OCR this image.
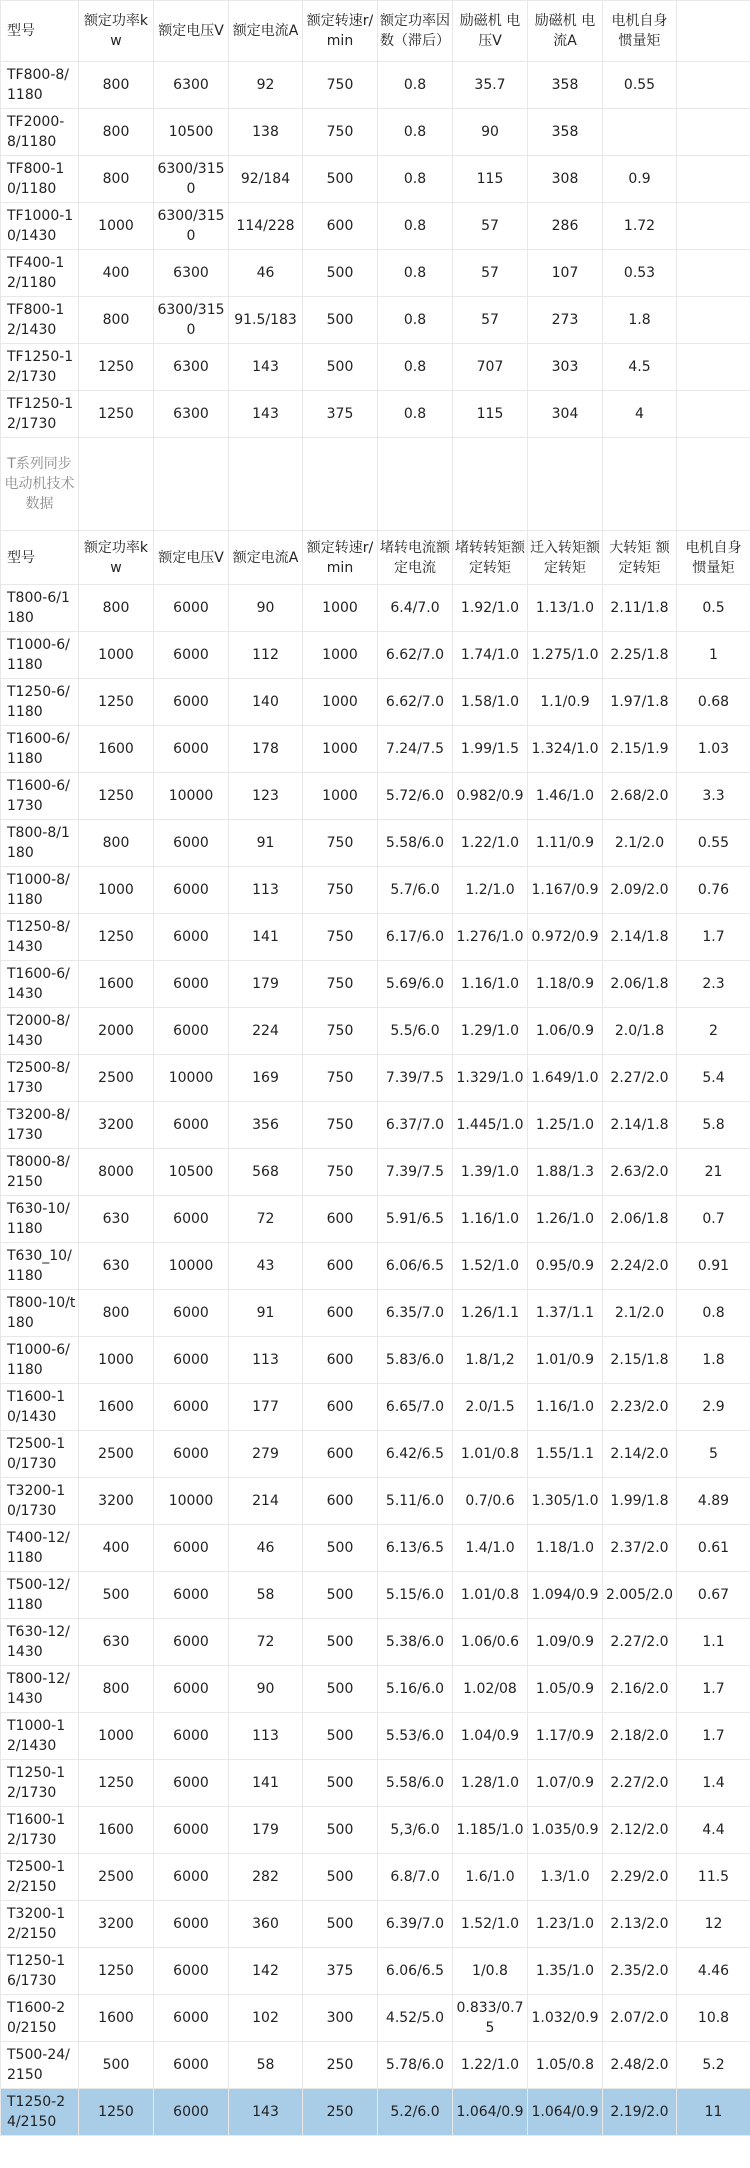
型号	额定功率kw	额定电压V	额定电流A	额定转速r/min	额定功率因数（滞后）	励磁机 电压V	励磁机 电流A	电机自身惯量矩	
TF800-8/1180	800	6300	92	750	0.8	35.7	358	0.55	
TF2000-8/1180	800	10500	138	750	0.8	90	358		
TF800-10/1180	800	6300/3150	92/184	500	0.8	115	308	0.9	
TF1000-10/1430	1000	6300/3150	114/228	600	0.8	57	286	1.72	
TF400-12/1180	400	6300	46	500	0.8	57	107	0.53	
TF800-12/1430	800	6300/3150	91.5/183	500	0.8	57	273	1.8	
TF1250-12/1730	1250	6300	143	500	0.8	707	303	4.5	
TF1250-12/1730	1250	6300	143	375	0.8	115	304	4	
T系列同步电动机技术数据									
型号	额定功率kw	额定电压V	额定电流A	额定转速r/min	堵转电流额定电流	堵转转矩额定转矩	迁入转矩额定转矩	大转矩 额定转矩	电机自身惯量矩
T800-6/1180	800	6000	90	1000	6.4/7.0	1.92/1.0	1.13/1.0	2.11/1.8	0.5
T1000-6/1180	1000	6000	112	1000	6.62/7.0	1.74/1.0	1.275/1.0	2.25/1.8	1
T1250-6/1180	1250	6000	140	1000	6.62/7.0	1.58/1.0	1.1/0.9	1.97/1.8	0.68
T1600-6/1180	1600	6000	178	1000	7.24/7.5	1.99/1.5	1.324/1.0	2.15/1.9	1.03
T1600-6/1730	1250	10000	123	1000	5.72/6.0	0.982/0.9	1.46/1.0	2.68/2.0	3.3
T800-8/1180	800	6000	91	750	5.58/6.0	1.22/1.0	1.11/0.9	2.1/2.0	0.55
T1000-8/1180	1000	6000	113	750	5.7/6.0	1.2/1.0	1.167/0.9	2.09/2.0	0.76
T1250-8/1430	1250	6000	141	750	6.17/6.0	1.276/1.0	0.972/0.9	2.14/1.8	1.7
T1600-6/1430	1600	6000	179	750	5.69/6.0	1.16/1.0	1.18/0.9	2.06/1.8	2.3
T2000-8/1430	2000	6000	224	750	5.5/6.0	1.29/1.0	1.06/0.9	2.0/1.8	2
T2500-8/1730	2500	10000	169	750	7.39/7.5	1.329/1.0	1.649/1.0	2.27/2.0	5.4
T3200-8/1730	3200	6000	356	750	6.37/7.0	1.445/1.0	1.25/1.0	2.14/1.8	5.8
T8000-8/2150	8000	10500	568	750	7.39/7.5	1.39/1.0	1.88/1.3	2.63/2.0	21
T630-10/1180	630	6000	72	600	5.91/6.5	1.16/1.0	1.26/1.0	2.06/1.8	0.7
T630_10/1180	630	10000	43	600	6.06/6.5	1.52/1.0	0.95/0.9	2.24/2.0	0.91
T800-10/t180	800	6000	91	600	6.35/7.0	1.26/1.1	1.37/1.1	2.1/2.0	0.8
T1000-6/1180	1000	6000	113	600	5.83/6.0	1.8/1,2	1.01/0.9	2.15/1.8	1.8
T1600-10/1430	1600	6000	177	600	6.65/7.0	2.0/1.5	1.16/1.0	2.23/2.0	2.9
T2500-10/1730	2500	6000	279	600	6.42/6.5	1.01/0.8	1.55/1.1	2.14/2.0	5
T3200-10/1730	3200	10000	214	600	5.11/6.0	0.7/0.6	1.305/1.0	1.99/1.8	4.89
T400-12/1180	400	6000	46	500	6.13/6.5	1.4/1.0	1.18/1.0	2.37/2.0	0.61
T500-12/1180	500	6000	58	500	5.15/6.0	1.01/0.8	1.094/0.9	2.005/2.0	0.67
T630-12/1430	630	6000	72	500	5.38/6.0	1.06/0.6	1.09/0.9	2.27/2.0	1.1
T800-12/1430	800	6000	90	500	5.16/6.0	1.02/08	1.05/0.9	2.16/2.0	1.7
T1000-12/1430	1000	6000	113	500	5.53/6.0	1.04/0.9	1.17/0.9	2.18/2.0	1.7
T1250-12/1730	1250	6000	141	500	5.58/6.0	1.28/1.0	1.07/0.9	2.27/2.0	1.4
T1600-12/1730	1600	6000	179	500	5,3/6.0	1.185/1.0	1.035/0.9	2.12/2.0	4.4
T2500-12/2150	2500	6000	282	500	6.8/7.0	1.6/1.0	1.3/1.0	2.29/2.0	11.5
T3200-12/2150	3200	6000	360	500	6.39/7.0	1.52/1.0	1.23/1.0	2.13/2.0	12
T1250-16/1730	1250	6000	142	375	6.06/6.5	1/0.8	1.35/1.0	2.35/2.0	4.46
T1600-20/2150	1600	6000	102	300	4.52/5.0	0.833/0.75	1.032/0.9	2.07/2.0	10.8
T500-24/2150	500	6000	58	250	5.78/6.0	1.22/1.0	1.05/0.8	2.48/2.0	5.2
T1250-24/2150	1250	6000	143	250	5.2/6.0	1.064/0.9	1.064/0.9	2.19/2.0	11
